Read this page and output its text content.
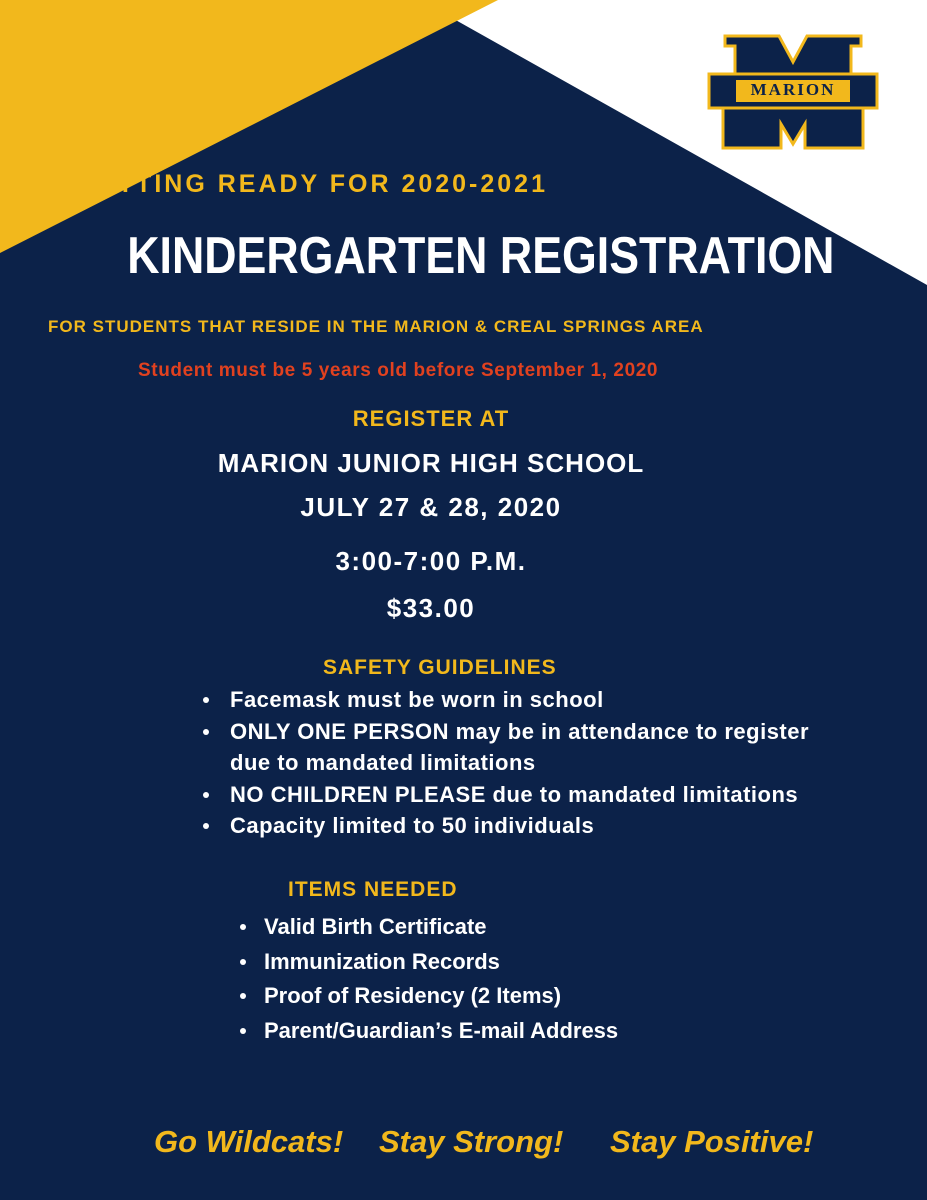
MARION
TTING READY FOR 2020-2021
KINDERGARTEN REGISTRATION
FOR STUDENTS THAT RESIDE IN THE MARION & CREAL SPRINGS AREA
Student must be 5 years old before September 1, 2020
REGISTER AT
MARION JUNIOR HIGH SCHOOL
JULY 27 & 28, 2020
3:00-7:00 P.M.
$33.00
SAFETY GUIDELINES
Facemask must be worn in school
ONLY ONE PERSON may be in attendance to register
due to mandated limitations
NO CHILDREN PLEASE due to mandated limitations
Capacity limited to 50 individuals
ITEMS NEEDED
Valid Birth Certificate
Immunization Records
Proof of Residency (2 Items)
Parent/Guardian’s E-mail Address
Go Wildcats! Stay Strong! Stay Positive!
